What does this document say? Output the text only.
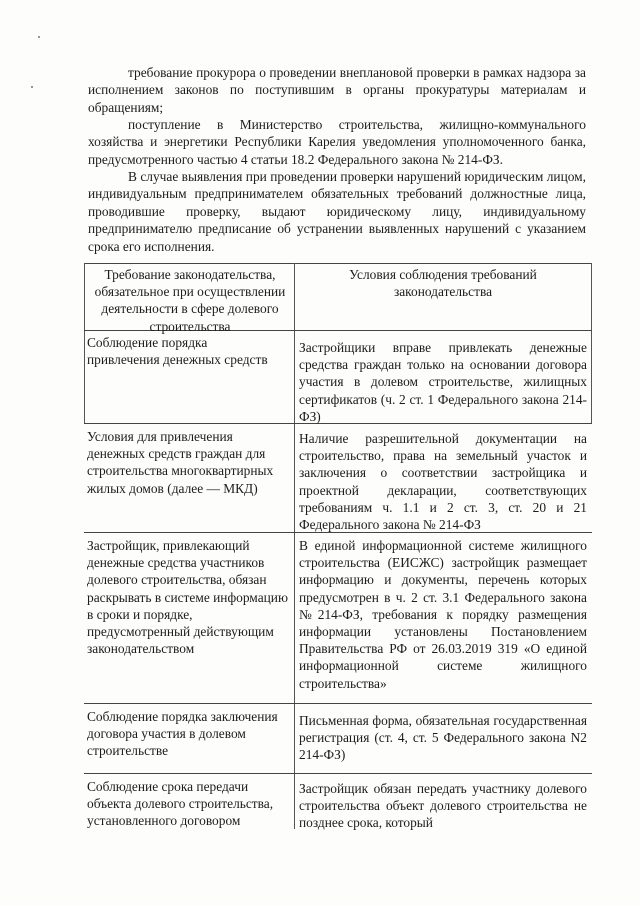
требование прокурора о проведении внеплановой проверки в рамках надзора за исполнением законов по поступившим в органы прокуратуры материалам и обращениям;

поступление в Министерство строительства, жилищно-коммунального хозяйства и энергетики Республики Карелия уведомления уполномоченного банка, предусмотренного частью 4 статьи 18.2 Федерального закона № 214-ФЗ.

В случае выявления при проведении проверки нарушений юридическим лицом, индивидуальным предпринимателем обязательных требований должностные лица, проводившие проверку, выдают юридическому лицу, индивидуальному предпринимателю предписание об устранении выявленных нарушений с указанием срока его исполнения.

Требование законодательства, обязательное при осуществлении деятельности в сфере долевого строительства

Условия соблюдения требований законодательства

Соблюдение порядка привлечения денежных средств

Застройщики вправе привлекать денежные средства граждан только на основании договора участия в долевом строительстве, жилищных сертификатов (ч. 2 ст. 1 Федерального закона 214-ФЗ)

Условия для привлечения денежных средств граждан для строительства многоквартирных жилых домов (далее — МКД)

Наличие разрешительной документации на строительство, права на земельный участок и заключения о соответствии застройщика и проектной декларации, соответствующих требованиям ч. 1.1 и 2 ст. 3, ст. 20 и 21 Федерального закона № 214-ФЗ

Застройщик, привлекающий денежные средства участников долевого строительства, обязан раскрывать в системе информацию в сроки и порядке, предусмотренный действующим законодательством

В единой информационной системе жилищного строительства (ЕИСЖС) застройщик размещает информацию и документы, перечень которых предусмотрен в ч. 2 ст. 3.1 Федерального закона №214-ФЗ, требования к порядку размещения информации установлены Постановлением Правительства РФ от 26.03.2019 319 «О единой информационной системе жилищного строительства»

Соблюдение порядка заключения договора участия в долевом строительстве

Письменная форма, обязательная государственная регистрация (ст. 4, ст. 5 Федерального закона N2 214-ФЗ)

Соблюдение срока передачи объекта долевого строительства, установленного договором

Застройщик обязан передать участнику долевого строительства объект долевого строительства не позднее срока, который
